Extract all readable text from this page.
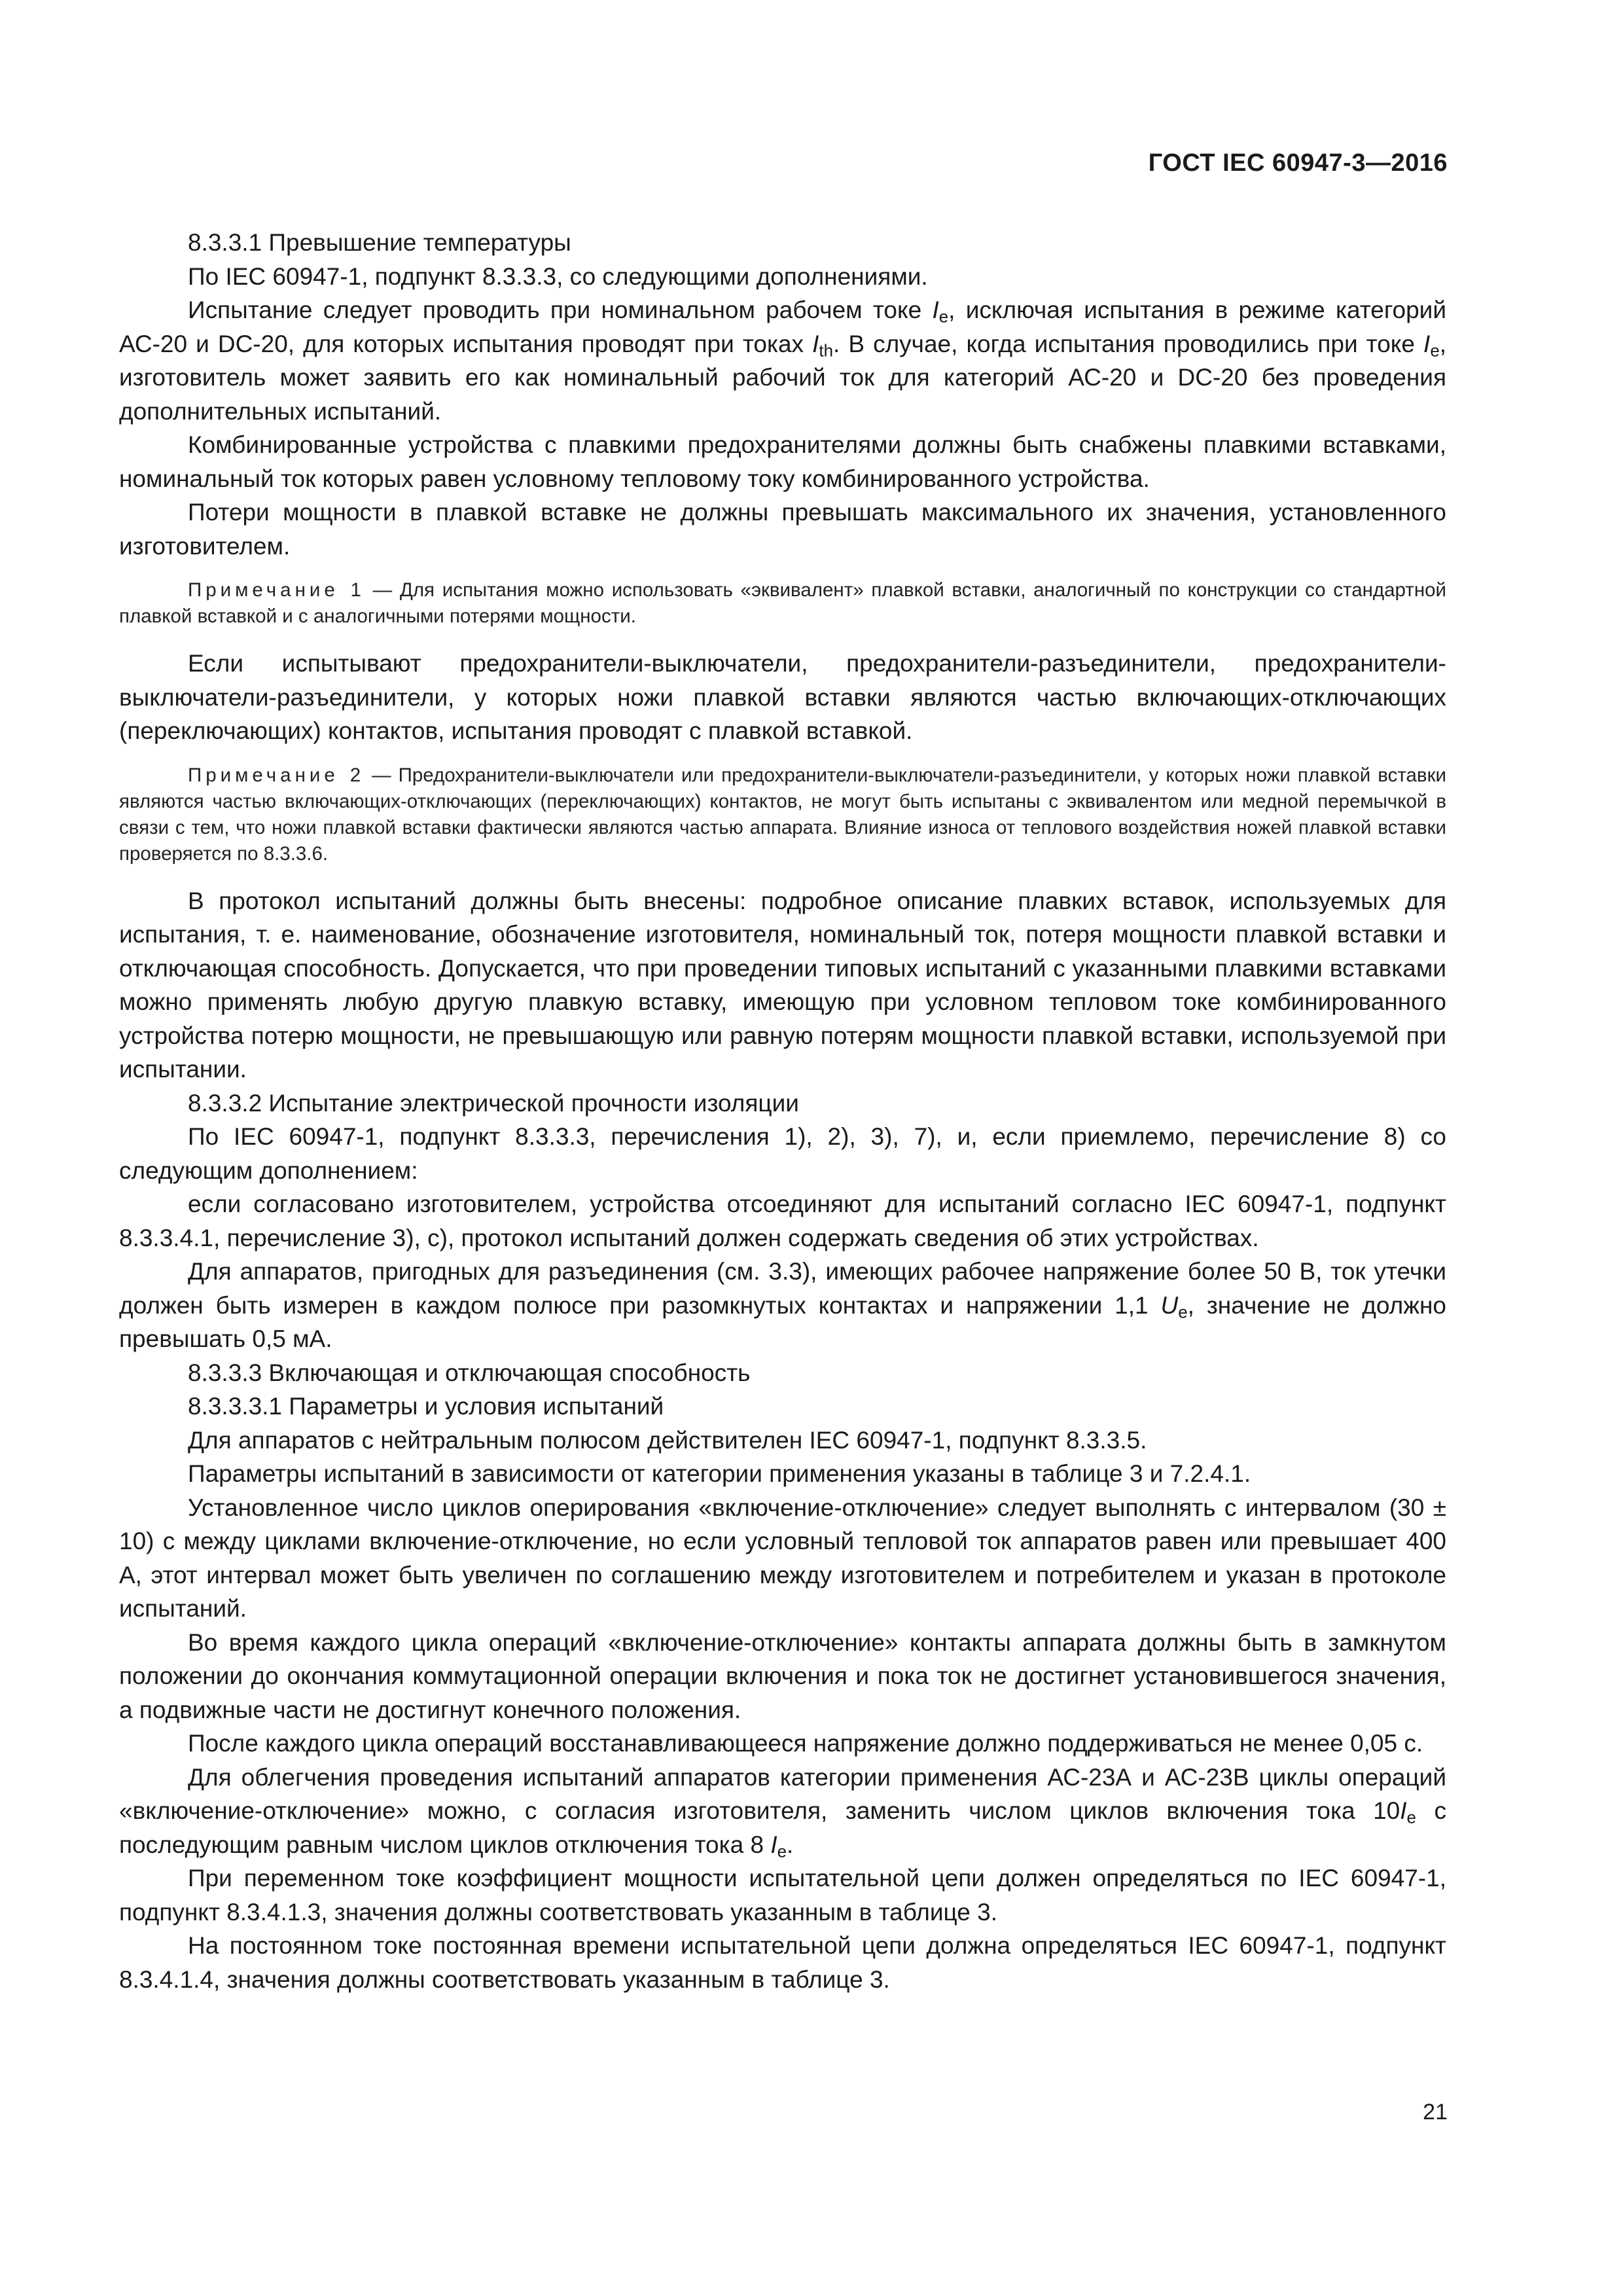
ГОСТ IEC 60947-3—2016

8.3.3.1 Превышение температуры

По IEC 60947-1, подпункт 8.3.3.3, со следующими дополнениями.

Испытание следует проводить при номинальном рабочем токе $I_e$, исключая испытания в режиме категорий АС-20 и DC-20, для которых испытания проводят при токах $I_{th}$. В случае, когда испытания проводились при токе $I_e$, изготовитель может заявить его как номинальный рабочий ток для категорий АС-20 и DC-20 без проведения дополнительных испытаний.

Комбинированные устройства с плавкими предохранителями должны быть снабжены плавкими вставками, номинальный ток которых равен условному тепловому току комбинированного устройства.

Потери мощности в плавкой вставке не должны превышать максимального их значения, установленного изготовителем.

Примечание 1 — Для испытания можно использовать «эквивалент» плавкой вставки, аналогичный по конструкции со стандартной плавкой вставкой и с аналогичными потерями мощности.

Если испытывают предохранители-выключатели, предохранители-разъединители, предохранители-выключатели-разъединители, у которых ножи плавкой вставки являются частью включающих-отключающих (переключающих) контактов, испытания проводят с плавкой вставкой.

Примечание 2 — Предохранители-выключатели или предохранители-выключатели-разъединители, у которых ножи плавкой вставки являются частью включающих-отключающих (переключающих) контактов, не могут быть испытаны с эквивалентом или медной перемычкой в связи с тем, что ножи плавкой вставки фактически являются частью аппарата. Влияние износа от теплового воздействия ножей плавкой вставки проверяется по 8.3.3.6.

В протокол испытаний должны быть внесены: подробное описание плавких вставок, используемых для испытания, т. е. наименование, обозначение изготовителя, номинальный ток, потеря мощности плавкой вставки и отключающая способность. Допускается, что при проведении типовых испытаний с указанными плавкими вставками можно применять любую другую плавкую вставку, имеющую при условном тепловом токе комбинированного устройства потерю мощности, не превышающую или равную потерям мощности плавкой вставки, используемой при испытании.

8.3.3.2 Испытание электрической прочности изоляции

По IEC 60947-1, подпункт 8.3.3.3, перечисления 1), 2), 3), 7), и, если приемлемо, перечисление 8) со следующим дополнением:

если согласовано изготовителем, устройства отсоединяют для испытаний согласно IEC 60947-1, подпункт 8.3.3.4.1, перечисление 3), с), протокол испытаний должен содержать сведения об этих устройствах.

Для аппаратов, пригодных для разъединения (см. 3.3), имеющих рабочее напряжение более 50 В, ток утечки должен быть измерен в каждом полюсе при разомкнутых контактах и напряжении 1,1 $U_e$, значение не должно превышать 0,5 мА.

8.3.3.3 Включающая и отключающая способность

8.3.3.3.1 Параметры и условия испытаний

Для аппаратов с нейтральным полюсом действителен IEC 60947-1, подпункт 8.3.3.5.

Параметры испытаний в зависимости от категории применения указаны в таблице 3 и 7.2.4.1.

Установленное число циклов оперирования «включение-отключение» следует выполнять с интервалом (30 ± 10) с между циклами включение-отключение, но если условный тепловой ток аппаратов равен или превышает 400 А, этот интервал может быть увеличен по соглашению между изготовителем и потребителем и указан в протоколе испытаний.

Во время каждого цикла операций «включение-отключение» контакты аппарата должны быть в замкнутом положении до окончания коммутационной операции включения и пока ток не достигнет установившегося значения, а подвижные части не достигнут конечного положения.

После каждого цикла операций восстанавливающееся напряжение должно поддерживаться не менее 0,05 с.

Для облегчения проведения испытаний аппаратов категории применения АС-23А и АС-23В циклы операций «включение-отключение» можно, с согласия изготовителя, заменить числом циклов включения тока $10I_e$ с последующим равным числом циклов отключения тока 8 $I_e$.

При переменном токе коэффициент мощности испытательной цепи должен определяться по IEC 60947-1, подпункт 8.3.4.1.3, значения должны соответствовать указанным в таблице 3.

На постоянном токе постоянная времени испытательной цепи должна определяться IEC 60947-1, подпункт 8.3.4.1.4, значения должны соответствовать указанным в таблице 3.

21
